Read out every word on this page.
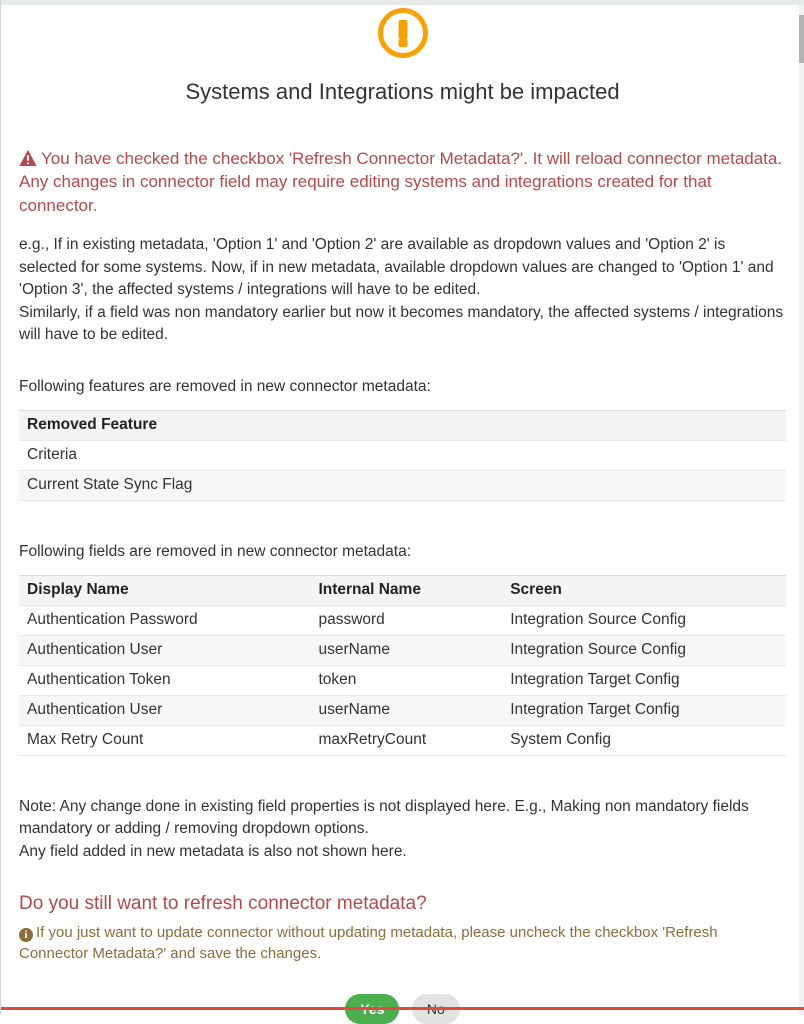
Systems and Integrations might be impacted
You have checked the checkbox 'Refresh Connector Metadata?'. It will reload connector metadata.
Any changes in connector field may require editing systems and integrations created for that connector.
e.g., If in existing metadata, 'Option 1' and 'Option 2' are available as dropdown values and 'Option 2' is selected for some systems. Now, if in new metadata, available dropdown values are changed to 'Option 1' and 'Option 3', the affected systems / integrations will have to be edited.
Similarly, if a field was non mandatory earlier but now it becomes mandatory, the affected systems / integrations will have to be edited.
Following features are removed in new connector metadata:
Removed Feature
Criteria
Current State Sync Flag
Following fields are removed in new connector metadata:
Display Name	Internal Name	Screen
Authentication Password	password	Integration Source Config
Authentication User	userName	Integration Source Config
Authentication Token	token	Integration Target Config
Authentication User	userName	Integration Target Config
Max Retry Count	maxRetryCount	System Config
Note: Any change done in existing field properties is not displayed here. E.g., Making non mandatory fields mandatory or adding / removing dropdown options.
Any field added in new metadata is also not shown here.
Do you still want to refresh connector metadata?
i If you just want to update connector without updating metadata, please uncheck the checkbox 'Refresh Connector Metadata?' and save the changes.
